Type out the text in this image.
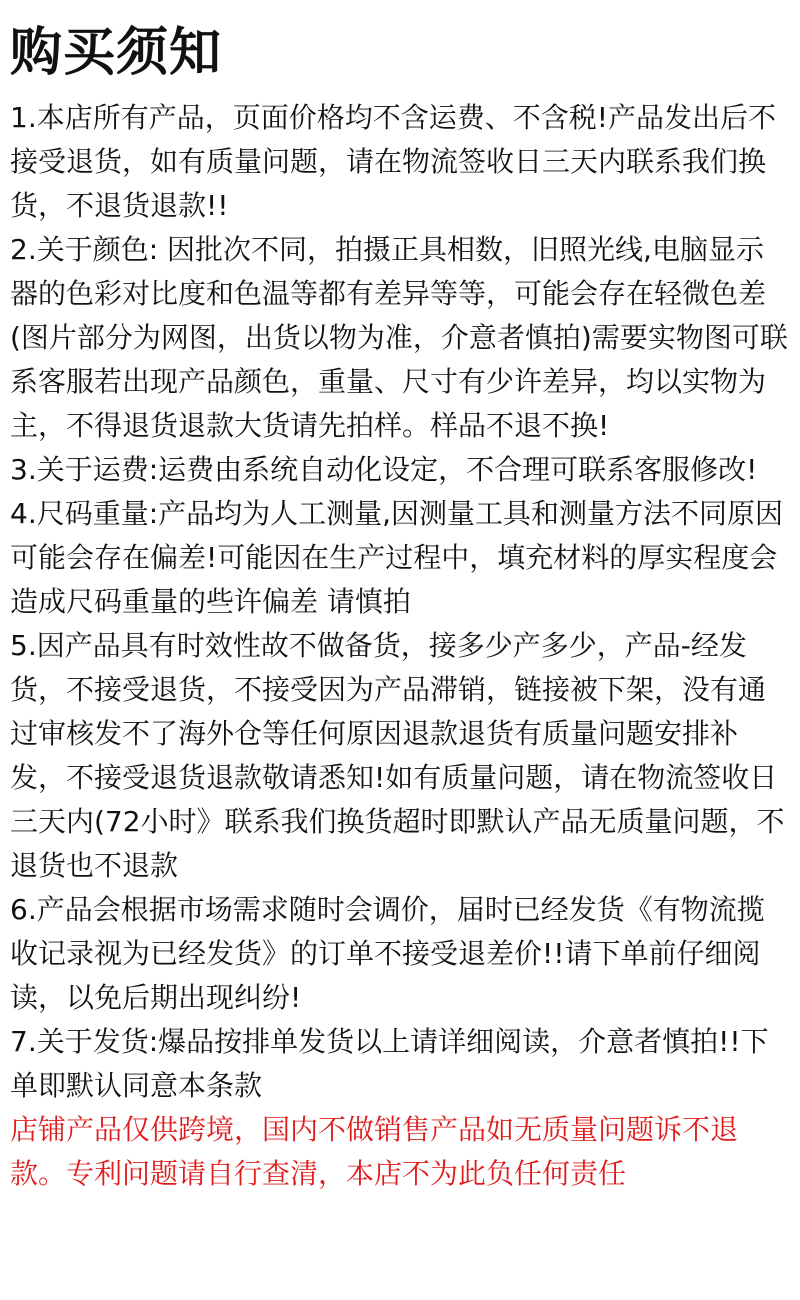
购买须知
1.本店所有产品，页面价格均不含运费、不含税!产品发出后不接受退货，如有质量问题，请在物流签收日三天内联系我们换货，不退货退款!!
2.关于颜色: 因批次不同，拍摄正具相数，旧照光线,电脑显示器的色彩对比度和色温等都有差异等等，可能会存在轻微色差(图片部分为网图，出货以物为准，介意者慎拍)需要实物图可联系客服若出现产品颜色，重量、尺寸有少许差异，均以实物为主，不得退货退款大货请先拍样。样品不退不换!
3.关于运费:运费由系统自动化设定，不合理可联系客服修改!
4.尺码重量:产品均为人工测量,因测量工具和测量方法不同原因可能会存在偏差!可能因在生产过程中，填充材料的厚实程度会造成尺码重量的些许偏差 请慎拍
5.因产品具有时效性故不做备货，接多少产多少，产品-经发货，不接受退货，不接受因为产品滞销，链接被下架，没有通过审核发不了海外仓等任何原因退款退货有质量问题安排补发，不接受退货退款敬请悉知!如有质量问题，请在物流签收日三天内(72小时》联系我们换货超时即默认产品无质量问题，不退货也不退款
6.产品会根据市场需求随时会调价，届时已经发货《有物流揽收记录视为已经发货》的订单不接受退差价!!请下单前仔细阅读，以免后期出现纠纷!
7.关于发货:爆品按排单发货以上请详细阅读，介意者慎拍!!下单即默认同意本条款

店铺产品仅供跨境，国内不做销售产品如无质量问题诉不退款。专利问题请自行查清，本店不为此负任何责任
